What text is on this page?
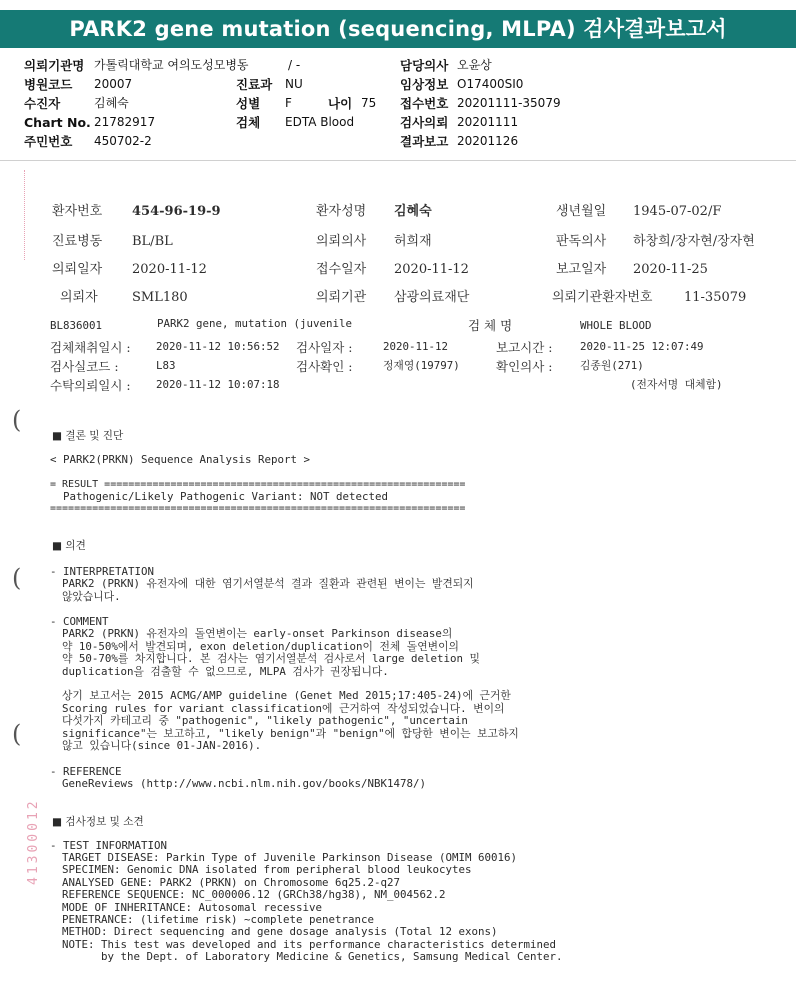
PARK2 gene mutation (sequencing, MLPA) 검사결과보고서
의뢰기관명 가톨릭대학교 여의도성모병동	/ -	담당의사 오윤상
병원코드 20007	진료과 NU	임상정보 O17400SI0
수진자	김혜숙	성별 F	나이 75 접수번호 20201111-35079
Chart No. 21782917	검체 EDTA Blood	검사의뢰 20201111
주민번호 450702-2	결과보고 20201126
환자번호 454-96-19-9	환자성명 김혜숙	생년월일 1945-07-02/F
진료병동 BL/BL	의뢰의사 허희재	판독의사 하창희/장자현/장자현
의뢰일자 2020-11-12	접수일자 2020-11-12	보고일자 2020-11-25
의뢰자	SML180	의뢰기관 삼광의료재단	의뢰기관환자번호 11-35079
BL836001	PARK2 gene, mutation (juvenile	검 체 명	WHOLE BLOOD
검체채취일시 : 2020-11-12 10:56:52 검사일자 :	2020-11-12	보고시간 :	2020-11-25 12:07:49
검사실코드 :	L83	검사확인 :	정재영(19797)	확인의사 :	김종원(271)
수탁의뢰일시 : 2020-11-12 10:07:18	(전자서명 대체함)
(
(
(
■ 결론 및 진단
< PARK2(PRKN) Sequence Analysis Report >
= RESULT ============================================================
Pathogenic/Likely Pathogenic Variant: NOT detected
=====================================================================
■ 의견
- INTERPRETATION
PARK2 (PRKN) 유전자에 대한 염기서열분석 결과 질환과 관련된 변이는 발견되지
않았습니다.
- COMMENT
PARK2 (PRKN) 유전자의 돌연변이는 early-onset Parkinson disease의
약 10-50%에서 발견되며, exon deletion/duplication이 전체 돌연변이의
약 50-70%를 차지합니다. 본 검사는 염기서열분석 검사로서 large deletion 및
duplication을 검출할 수 없으므로, MLPA 검사가 권장됩니다.
상기 보고서는 2015 ACMG/AMP guideline (Genet Med 2015;17:405-24)에 근거한
Scoring rules for variant classification에 근거하여 작성되었습니다. 변이의
다섯가지 카테고리 중 "pathogenic", "likely pathogenic", "uncertain
significance"는 보고하고, "likely benign"과 "benign"에 합당한 변이는 보고하지
않고 있습니다(since 01-JAN-2016).
- REFERENCE
GeneReviews (http://www.ncbi.nlm.nih.gov/books/NBK1478/)
■ 검사정보 및 소견
- TEST INFORMATION
TARGET DISEASE: Parkin Type of Juvenile Parkinson Disease (OMIM 60016)
SPECIMEN: Genomic DNA isolated from peripheral blood leukocytes
ANALYSED GENE: PARK2 (PRKN) on Chromosome 6q25.2-q27
REFERENCE SEQUENCE: NC_000006.12 (GRCh38/hg38), NM_004562.2
MODE OF INHERITANCE: Autosomal recessive
PENETRANCE: (lifetime risk) ~complete penetrance
METHOD: Direct sequencing and gene dosage analysis (Total 12 exons)
NOTE: This test was developed and its performance characteristics determined
by the Dept. of Laboratory Medicine & Genetics, Samsung Medical Center.
41300012
